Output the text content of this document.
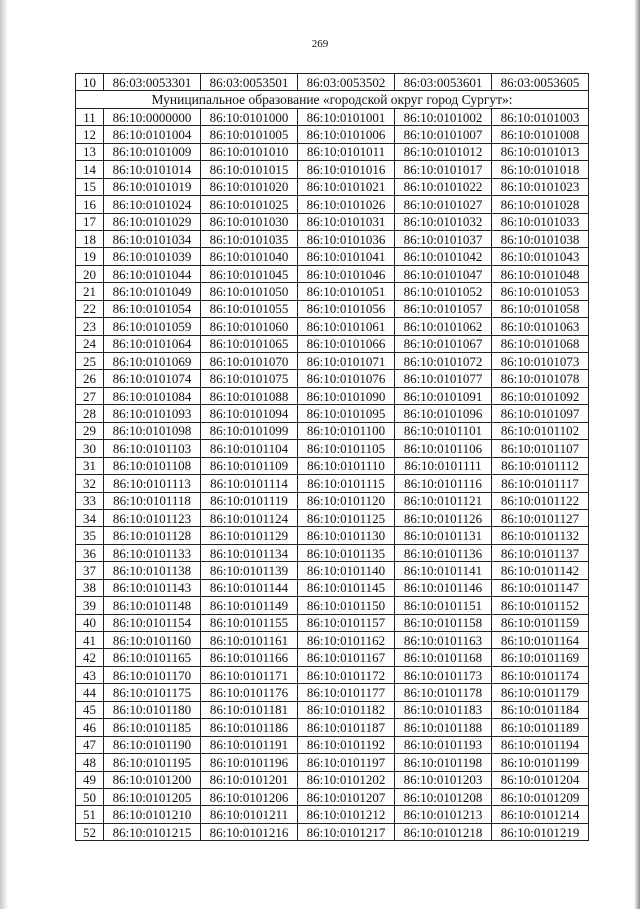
269
10	86:03:0053301	86:03:0053501	86:03:0053502	86:03:0053601	86:03:0053605
Муниципальное образование «городской округ город Сургут»:					
11	86:10:0000000	86:10:0101000	86:10:0101001	86:10:0101002	86:10:0101003
12	86:10:0101004	86:10:0101005	86:10:0101006	86:10:0101007	86:10:0101008
13	86:10:0101009	86:10:0101010	86:10:0101011	86:10:0101012	86:10:0101013
14	86:10:0101014	86:10:0101015	86:10:0101016	86:10:0101017	86:10:0101018
15	86:10:0101019	86:10:0101020	86:10:0101021	86:10:0101022	86:10:0101023
16	86:10:0101024	86:10:0101025	86:10:0101026	86:10:0101027	86:10:0101028
17	86:10:0101029	86:10:0101030	86:10:0101031	86:10:0101032	86:10:0101033
18	86:10:0101034	86:10:0101035	86:10:0101036	86:10:0101037	86:10:0101038
19	86:10:0101039	86:10:0101040	86:10:0101041	86:10:0101042	86:10:0101043
20	86:10:0101044	86:10:0101045	86:10:0101046	86:10:0101047	86:10:0101048
21	86:10:0101049	86:10:0101050	86:10:0101051	86:10:0101052	86:10:0101053
22	86:10:0101054	86:10:0101055	86:10:0101056	86:10:0101057	86:10:0101058
23	86:10:0101059	86:10:0101060	86:10:0101061	86:10:0101062	86:10:0101063
24	86:10:0101064	86:10:0101065	86:10:0101066	86:10:0101067	86:10:0101068
25	86:10:0101069	86:10:0101070	86:10:0101071	86:10:0101072	86:10:0101073
26	86:10:0101074	86:10:0101075	86:10:0101076	86:10:0101077	86:10:0101078
27	86:10:0101084	86:10:0101088	86:10:0101090	86:10:0101091	86:10:0101092
28	86:10:0101093	86:10:0101094	86:10:0101095	86:10:0101096	86:10:0101097
29	86:10:0101098	86:10:0101099	86:10:0101100	86:10:0101101	86:10:0101102
30	86:10:0101103	86:10:0101104	86:10:0101105	86:10:0101106	86:10:0101107
31	86:10:0101108	86:10:0101109	86:10:0101110	86:10:0101111	86:10:0101112
32	86:10:0101113	86:10:0101114	86:10:0101115	86:10:0101116	86:10:0101117
33	86:10:0101118	86:10:0101119	86:10:0101120	86:10:0101121	86:10:0101122
34	86:10:0101123	86:10:0101124	86:10:0101125	86:10:0101126	86:10:0101127
35	86:10:0101128	86:10:0101129	86:10:0101130	86:10:0101131	86:10:0101132
36	86:10:0101133	86:10:0101134	86:10:0101135	86:10:0101136	86:10:0101137
37	86:10:0101138	86:10:0101139	86:10:0101140	86:10:0101141	86:10:0101142
38	86:10:0101143	86:10:0101144	86:10:0101145	86:10:0101146	86:10:0101147
39	86:10:0101148	86:10:0101149	86:10:0101150	86:10:0101151	86:10:0101152
40	86:10:0101154	86:10:0101155	86:10:0101157	86:10:0101158	86:10:0101159
41	86:10:0101160	86:10:0101161	86:10:0101162	86:10:0101163	86:10:0101164
42	86:10:0101165	86:10:0101166	86:10:0101167	86:10:0101168	86:10:0101169
43	86:10:0101170	86:10:0101171	86:10:0101172	86:10:0101173	86:10:0101174
44	86:10:0101175	86:10:0101176	86:10:0101177	86:10:0101178	86:10:0101179
45	86:10:0101180	86:10:0101181	86:10:0101182	86:10:0101183	86:10:0101184
46	86:10:0101185	86:10:0101186	86:10:0101187	86:10:0101188	86:10:0101189
47	86:10:0101190	86:10:0101191	86:10:0101192	86:10:0101193	86:10:0101194
48	86:10:0101195	86:10:0101196	86:10:0101197	86:10:0101198	86:10:0101199
49	86:10:0101200	86:10:0101201	86:10:0101202	86:10:0101203	86:10:0101204
50	86:10:0101205	86:10:0101206	86:10:0101207	86:10:0101208	86:10:0101209
51	86:10:0101210	86:10:0101211	86:10:0101212	86:10:0101213	86:10:0101214
52	86:10:0101215	86:10:0101216	86:10:0101217	86:10:0101218	86:10:0101219
